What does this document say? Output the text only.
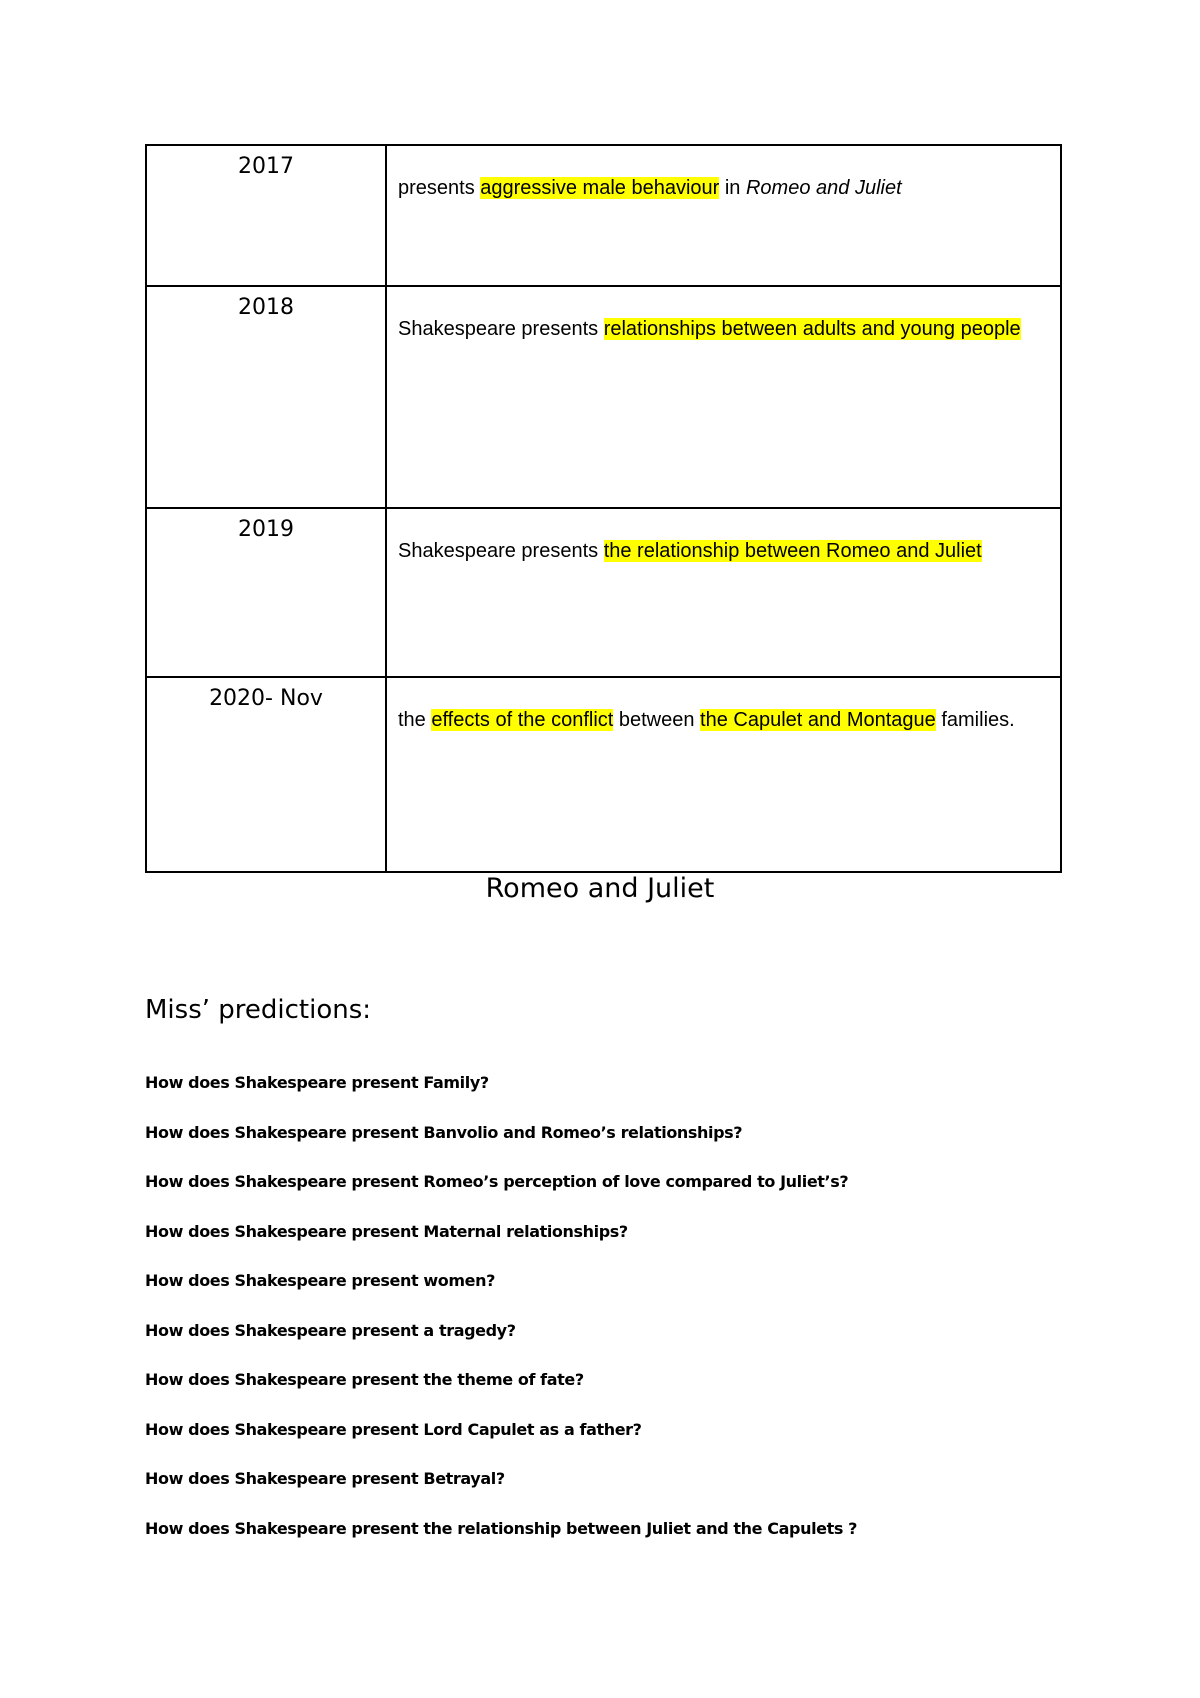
2017	presents aggressive male behaviour in Romeo and Juliet
2018	Shakespeare presents relationships between adults and young people
2019	Shakespeare presents the relationship between Romeo and Juliet
2020- Nov	the effects of the conflict between the Capulet and Montague families.
Romeo and Juliet
Miss’ predictions:
How does Shakespeare present Family?
How does Shakespeare present Banvolio and Romeo’s relationships?
How does Shakespeare present Romeo’s perception of love compared to Juliet’s?
How does Shakespeare present Maternal relationships?
How does Shakespeare present women?
How does Shakespeare present a tragedy?
How does Shakespeare present the theme of fate?
How does Shakespeare present Lord Capulet as a father?
How does Shakespeare present Betrayal?
How does Shakespeare present the relationship between Juliet and the Capulets ?
